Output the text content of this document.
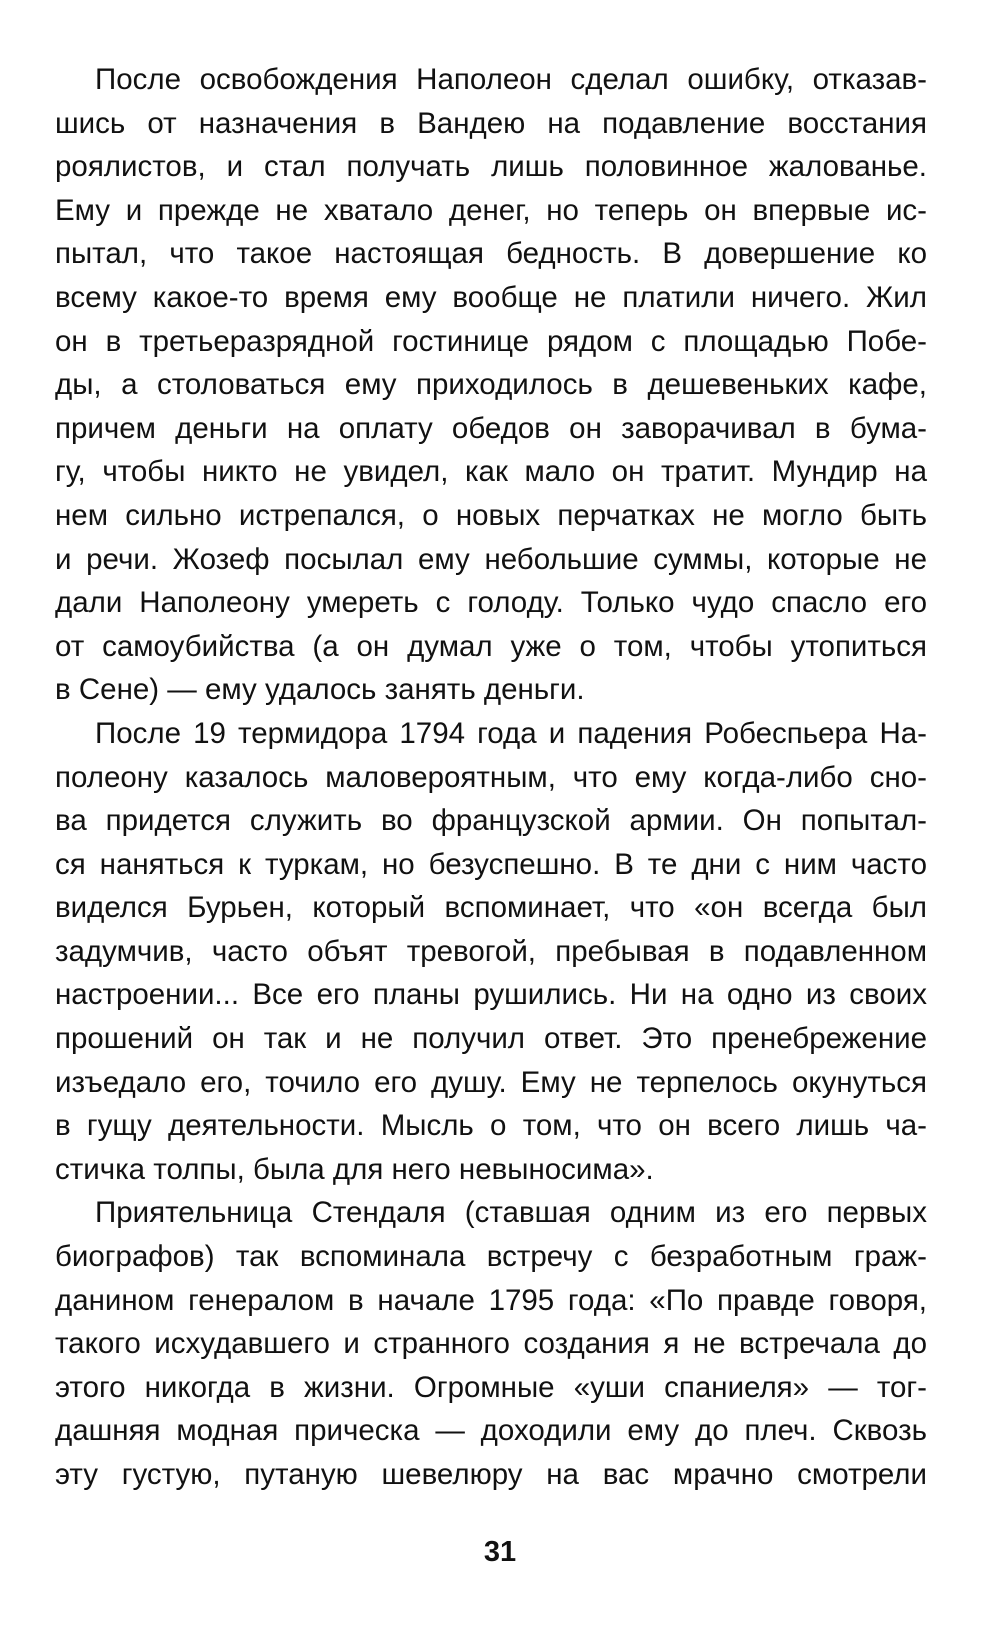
После освобождения Наполеон сделал ошибку, отказав-
шись от назначения в Вандею на подавление восстания
роялистов, и стал получать лишь половинное жалованье.
Ему и прежде не хватало денег, но теперь он впервые ис-
пытал, что такое настоящая бедность. В довершение ко
всему какое-то время ему вообще не платили ничего. Жил
он в третьеразрядной гостинице рядом с площадью Побе-
ды, а столоваться ему приходилось в дешевеньких кафе,
причем деньги на оплату обедов он заворачивал в бума-
гу, чтобы никто не увидел, как мало он тратит. Мундир на
нем сильно истрепался, о новых перчатках не могло быть
и речи. Жозеф посылал ему небольшие суммы, которые не
дали Наполеону умереть с голоду. Только чудо спасло его
от самоубийства (а он думал уже о том, чтобы утопиться
в Сене) — ему удалось занять деньги.
После 19 термидора 1794 года и падения Робеспьера На-
полеону казалось маловероятным, что ему когда-либо сно-
ва придется служить во французской армии. Он попытал-
ся наняться к туркам, но безуспешно. В те дни с ним часто
виделся Бурьен, который вспоминает, что «он всегда был
задумчив, часто объят тревогой, пребывая в подавленном
настроении... Все его планы рушились. Ни на одно из своих
прошений он так и не получил ответ. Это пренебрежение
изъедало его, точило его душу. Ему не терпелось окунуться
в гущу деятельности. Мысль о том, что он всего лишь ча-
стичка толпы, была для него невыносима».
Приятельница Стендаля (ставшая одним из его первых
биографов) так вспоминала встречу с безработным граж-
данином генералом в начале 1795 года: «По правде говоря,
такого исхудавшего и странного создания я не встречала до
этого никогда в жизни. Огромные «уши спаниеля» — тог-
дашняя модная прическа — доходили ему до плеч. Сквозь
эту густую, путаную шевелюру на вас мрачно смотрели
31
